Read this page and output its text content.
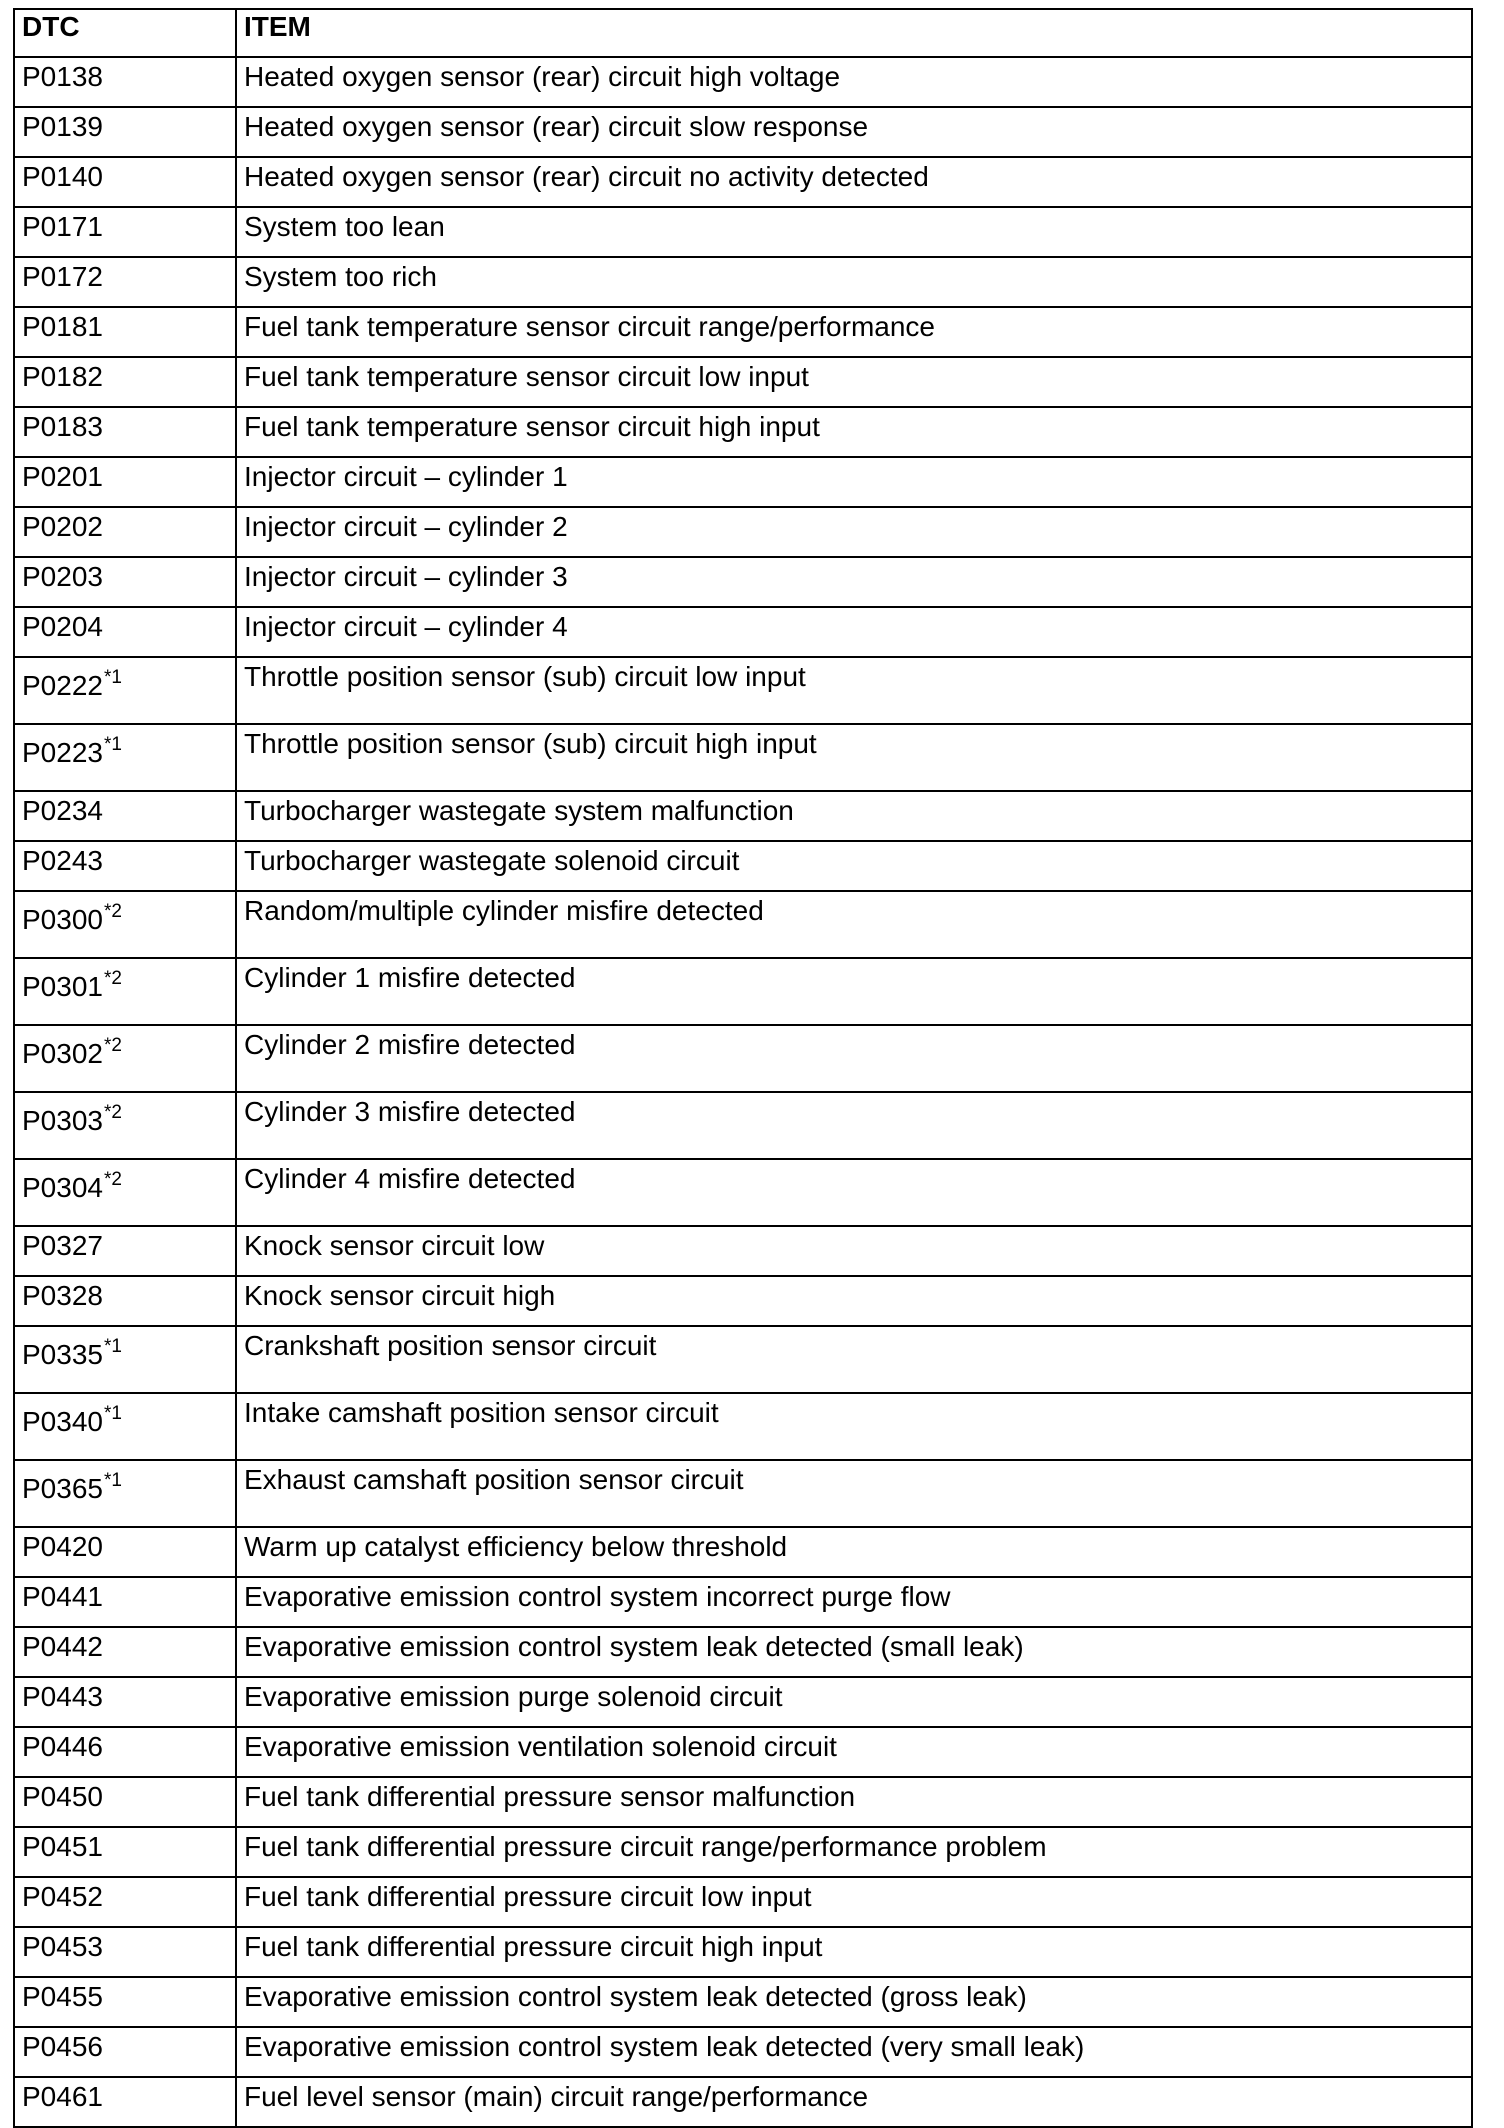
DTC	ITEM
P0138	Heated oxygen sensor (rear) circuit high voltage
P0139	Heated oxygen sensor (rear) circuit slow response
P0140	Heated oxygen sensor (rear) circuit no activity detected
P0171	System too lean
P0172	System too rich
P0181	Fuel tank temperature sensor circuit range/performance
P0182	Fuel tank temperature sensor circuit low input
P0183	Fuel tank temperature sensor circuit high input
P0201	Injector circuit – cylinder 1
P0202	Injector circuit – cylinder 2
P0203	Injector circuit – cylinder 3
P0204	Injector circuit – cylinder 4
P0222$^{*1}$	Throttle position sensor (sub) circuit low input
P0223$^{*1}$	Throttle position sensor (sub) circuit high input
P0234	Turbocharger wastegate system malfunction
P0243	Turbocharger wastegate solenoid circuit
P0300$^{*2}$	Random/multiple cylinder misfire detected
P0301$^{*2}$	Cylinder 1 misfire detected
P0302$^{*2}$	Cylinder 2 misfire detected
P0303$^{*2}$	Cylinder 3 misfire detected
P0304$^{*2}$	Cylinder 4 misfire detected
P0327	Knock sensor circuit low
P0328	Knock sensor circuit high
P0335$^{*1}$	Crankshaft position sensor circuit
P0340$^{*1}$	Intake camshaft position sensor circuit
P0365$^{*1}$	Exhaust camshaft position sensor circuit
P0420	Warm up catalyst efficiency below threshold
P0441	Evaporative emission control system incorrect purge flow
P0442	Evaporative emission control system leak detected (small leak)
P0443	Evaporative emission purge solenoid circuit
P0446	Evaporative emission ventilation solenoid circuit
P0450	Fuel tank differential pressure sensor malfunction
P0451	Fuel tank differential pressure circuit range/performance problem
P0452	Fuel tank differential pressure circuit low input
P0453	Fuel tank differential pressure circuit high input
P0455	Evaporative emission control system leak detected (gross leak)
P0456	Evaporative emission control system leak detected (very small leak)
P0461	Fuel level sensor (main) circuit range/performance
